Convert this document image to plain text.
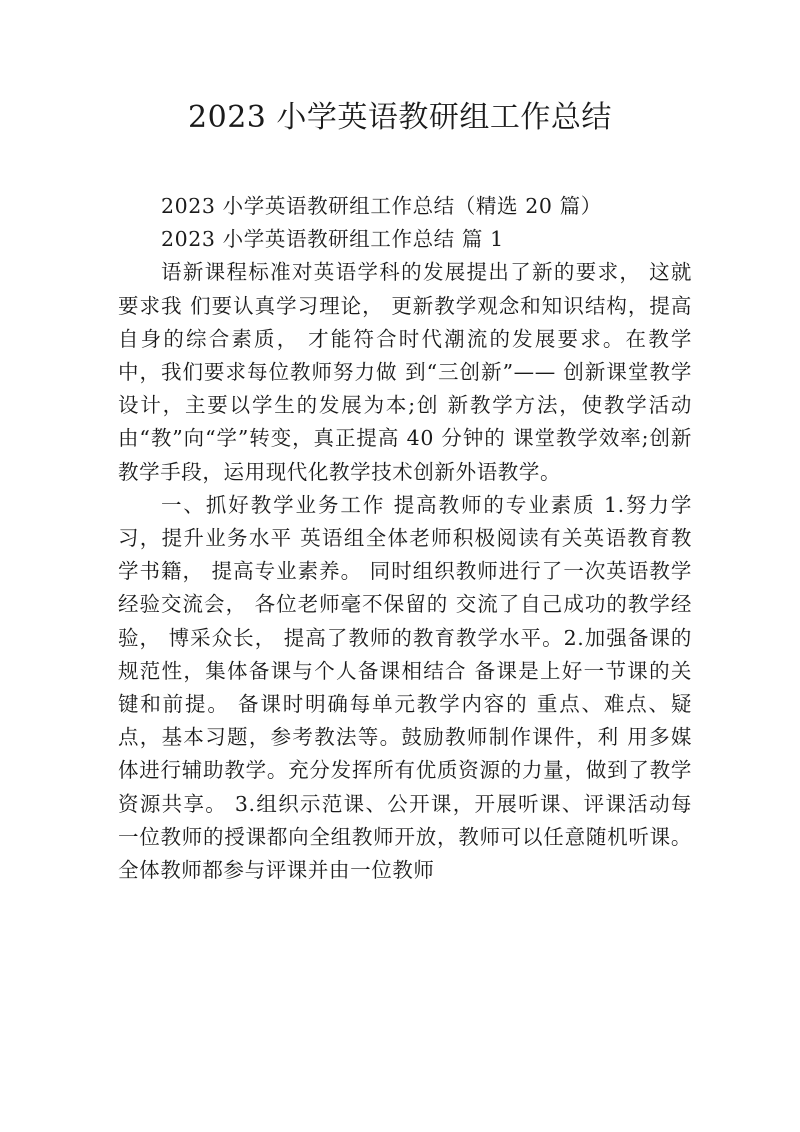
2023 小学英语教研组工作总结

2023 小学英语教研组工作总结（精选 20 篇）

2023 小学英语教研组工作总结 篇 1

语新课程标准对英语学科的发展提出了新的要求， 这就要求我 们要认真学习理论， 更新教学观念和知识结构，提高自身的综合素质， 才能符合时代潮流的发展要求。在教学中，我们要求每位教师努力做 到“三创新”—— 创新课堂教学设计，主要以学生的发展为本;创 新教学方法，使教学活动由“教”向“学”转变，真正提高 40 分钟的 课堂教学效率;创新教学手段，运用现代化教学技术创新外语教学。

一、抓好教学业务工作 提高教师的专业素质 1.努力学习，提升业务水平 英语组全体老师积极阅读有关英语教育教学书籍， 提高专业素养。 同时组织教师进行了一次英语教学经验交流会， 各位老师毫不保留的 交流了自己成功的教学经验， 博采众长， 提高了教师的教育教学水平。2.加强备课的规范性，集体备课与个人备课相结合 备课是上好一节课的关键和前提。 备课时明确每单元教学内容的 重点、难点、疑点，基本习题，参考教法等。鼓励教师制作课件，利 用多媒体进行辅助教学。充分发挥所有优质资源的力量，做到了教学 资源共享。 3.组织示范课、公开课，开展听课、评课活动每一位教师的授课都向全组教师开放，教师可以任意随机听课。 全体教师都参与评课并由一位教师
